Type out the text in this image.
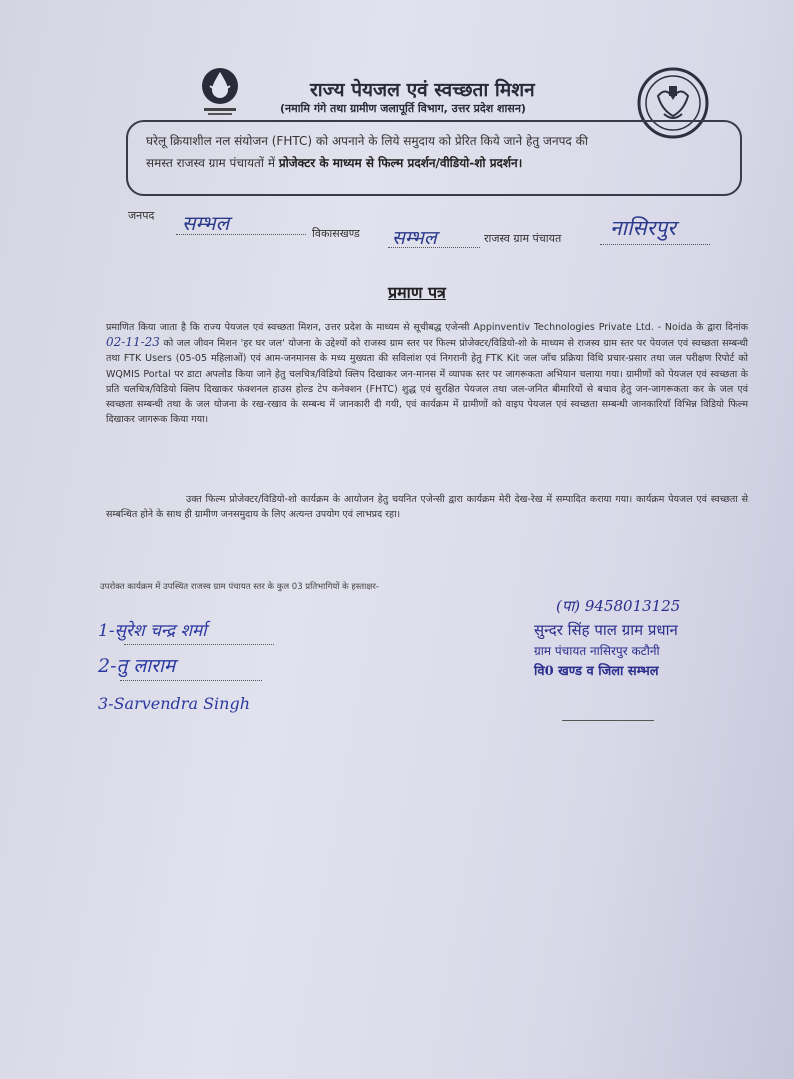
राज्य पेयजल एवं स्वच्छता मिशन
(नमामि गंगे तथा ग्रामीण जलापूर्ति विभाग, उत्तर प्रदेश शासन)
घरेलू क्रियाशील नल संयोजन (FHTC) को अपनाने के लिये समुदाय को प्रेरित किये जाने हेतु जनपद की
समस्त राजस्व ग्राम पंचायतों में प्रोजेक्टर के माध्यम से फिल्म प्रदर्शन/वीडियो-शो प्रदर्शन।
जनपद सम्भल	विकासखण्ड सम्भल	राजस्व ग्राम पंचायत नासिरपुर
प्रमाण पत्र
प्रमाणित किया जाता है कि राज्य पेयजल एवं स्वच्छता मिशन, उत्तर प्रदेश के माध्यम से सूचीबद्ध एजेन्सी Appinventiv Technologies Private Ltd. - Noida के द्वारा दिनांक 02-11-23 को जल जीवन मिशन 'हर घर जल' योजना के उद्देश्यों को राजस्व ग्राम स्तर पर फिल्म प्रोजेक्टर/विडियो-शो के माध्यम से राजस्व ग्राम स्तर पर पेयजल एवं स्वच्छता सम्बन्धी तथा FTK Users (05-05 महिलाओं) एवं आम-जनमानस के मध्य मुख्यता की सविलांश एवं निगरानी हेतु FTK Kit जल जाँच प्रक्रिया विधि प्रचार-प्रसार तथा जल परीक्षण रिपोर्ट को WQMIS Portal पर डाटा अपलोड किया जाने हेतु चलचित्र/विडियो क्लिप दिखाकर जन-मानस में व्यापक स्तर पर जागरूकता अभियान चलाया गया। ग्रामीणों को पेयजल एवं स्वच्छता के प्रति चलचित्र/विडियो क्लिप दिखाकर फंक्शनल हाउस होल्ड टेप कनेक्शन (FHTC) शुद्ध एवं सुरक्षित पेयजल तथा जल-जनित बीमारियों से बचाव हेतु जन-जागरूकता कर के जल एवं स्वच्छता सम्बन्धी तथा के जल योजना के रख-रखाव के सम्बन्ध में जानकारी दी गयी, एवं कार्यक्रम में ग्रामीणों को वाइप पेयजल एवं स्वच्छता सम्बन्धी जानकारियाँ विभिन्न विडियो फिल्म दिखाकर जागरूक किया गया।
उक्त फिल्म प्रोजेक्टर/विडियो-शो कार्यक्रम के आयोजन हेतु चयनित एजेन्सी द्वारा कार्यक्रम मेरी देख-रेख में सम्पादित कराया गया। कार्यक्रम पेयजल एवं स्वच्छता से सम्बन्धित होने के साथ ही ग्रामीण जनसमुदाय के लिए अत्यन्त उपयोग एवं लाभप्रद रहा।
उपरोक्त कार्यक्रम में उपस्थित राजस्व ग्राम पंचायत स्तर के कुल 03 प्रतिभागियों के हस्ताक्षर-
1-सुरेश चन्द्र शर्मा
2-तु लाराम
3-Sarvendra Singh
(पा) 9458013125
सुन्दर सिंह पाल ग्राम प्रधान
ग्राम पंचायत नासिरपुर कटौनी
वि0 खण्ड व जिला सम्भल
